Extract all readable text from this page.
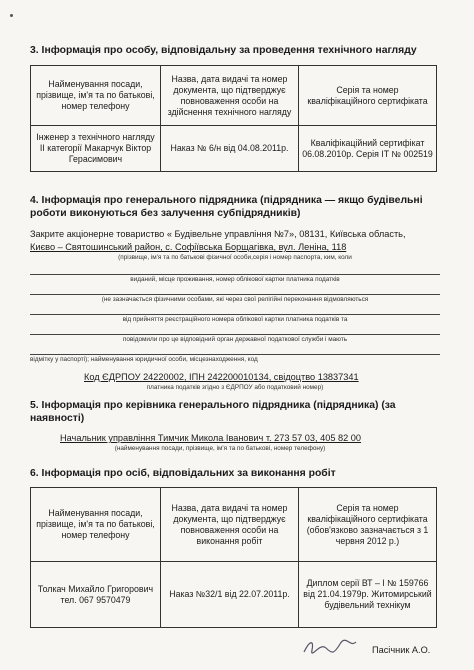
3. Інформація про особу, відповідальну за проведення технічного нагляду
Найменування посади, прізвище, ім'я та по батькові, номер телефону	Назва, дата видачі та номер документа, що підтверджує повноваження особи на здійснення технічного нагляду	Серія та номер кваліфікаційного сертифіката
Інженер з технічного нагляду ІІ категорії Макарчук Віктор Герасимович	Наказ № 6/н від 04.08.2011р.	Кваліфікаційний сертифікат 06.08.2010р. Серія ІТ № 002519
4. Інформація про генерального підрядника (підрядника — якщо будівельні
роботи виконуються без залучення субпідрядників)
Закрите акціонерне товариство « Будівельне управління №7», 08131, Київська область,
Києво – Святошинський район, с. Софіївська Борщагівка, вул. Леніна, 118
(прізвище, ім'я та по батькові фізичної особи,серія і номер паспорта, ким, коли
виданий, місце проживання, номер облікової картки платника податків
(не зазначається фізичними особами, які через свої релігійні переконання відмовляються
від прийняття реєстраційного номера облікової картки платника податків та
повідомили про це відповідний орган державної податкової служби і мають
відмітку у паспорті); найменування юридичної особи, місцезнаходження, код
Код ЄДРПОУ 24220002, ІПН 242200010134, свідоцтво 13837341
платника податків згідно з ЄДРПОУ або податковий номер)
5. Інформація про керівника генерального підрядника (підрядника) (за
наявності)
Начальник управління Тимчик Микола Іванович т. 273 57 03, 405 82 00
(найменування посади, прізвище, ім'я та по батькові, номер телефону)
6. Інформація про осіб, відповідальних за виконання робіт
Найменування посади, прізвище, ім'я та по батькові, номер телефону	Назва, дата видачі та номер документа, що підтверджує повноваження особи на виконання робіт	Серія та номер кваліфікаційного сертифіката (обов'язково зазначається з 1 червня 2012 р.)
Толкач Михайло Григорович тел. 067 9570479	Наказ №32/1 від 22.07.2011р.	Диплом серії ВТ – І № 159766 від 21.04.1979р. Житомирський будівельний технікум
Пасічник А.О.
